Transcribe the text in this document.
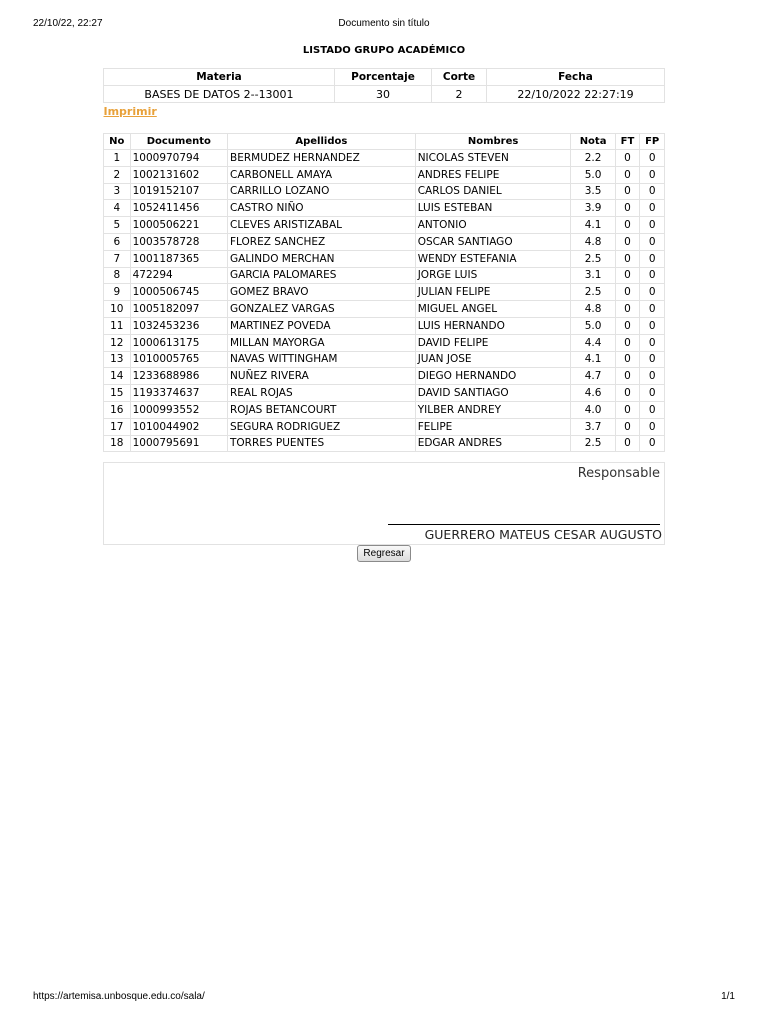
22/10/22, 22:27	Documento sin título
LISTADO GRUPO ACADÉMICO
Materia	Porcentaje	Corte	Fecha
BASES DE DATOS 2--13001	30	2	22/10/2022 22:27:19
Imprimir			
No	Documento	Apellidos	Nombres	Nota	FT	FP
1	1000970794	BERMUDEZ HERNANDEZ	NICOLAS STEVEN	2.2	0	0
2	1002131602	CARBONELL AMAYA	ANDRES FELIPE	5.0	0	0
3	1019152107	CARRILLO LOZANO	CARLOS DANIEL	3.5	0	0
4	1052411456	CASTRO NIÑO	LUIS ESTEBAN	3.9	0	0
5	1000506221	CLEVES ARISTIZABAL	ANTONIO	4.1	0	0
6	1003578728	FLOREZ SANCHEZ	OSCAR SANTIAGO	4.8	0	0
7	1001187365	GALINDO MERCHAN	WENDY ESTEFANIA	2.5	0	0
8	472294	GARCIA PALOMARES	JORGE LUIS	3.1	0	0
9	1000506745	GOMEZ BRAVO	JULIAN FELIPE	2.5	0	0
10	1005182097	GONZALEZ VARGAS	MIGUEL ANGEL	4.8	0	0
11	1032453236	MARTINEZ POVEDA	LUIS HERNANDO	5.0	0	0
12	1000613175	MILLAN MAYORGA	DAVID FELIPE	4.4	0	0
13	1010005765	NAVAS WITTINGHAM	JUAN JOSE	4.1	0	0
14	1233688986	NUÑEZ RIVERA	DIEGO HERNANDO	4.7	0	0
15	1193374637	REAL ROJAS	DAVID SANTIAGO	4.6	0	0
16	1000993552	ROJAS BETANCOURT	YILBER ANDREY	4.0	0	0
17	1010044902	SEGURA RODRIGUEZ	FELIPE	3.7	0	0
18	1000795691	TORRES PUENTES	EDGAR ANDRES	2.5	0	0
Responsable
GUERRERO MATEUS CESAR AUGUSTO
Regresar
https://artemisa.unbosque.edu.co/sala/	1/1
